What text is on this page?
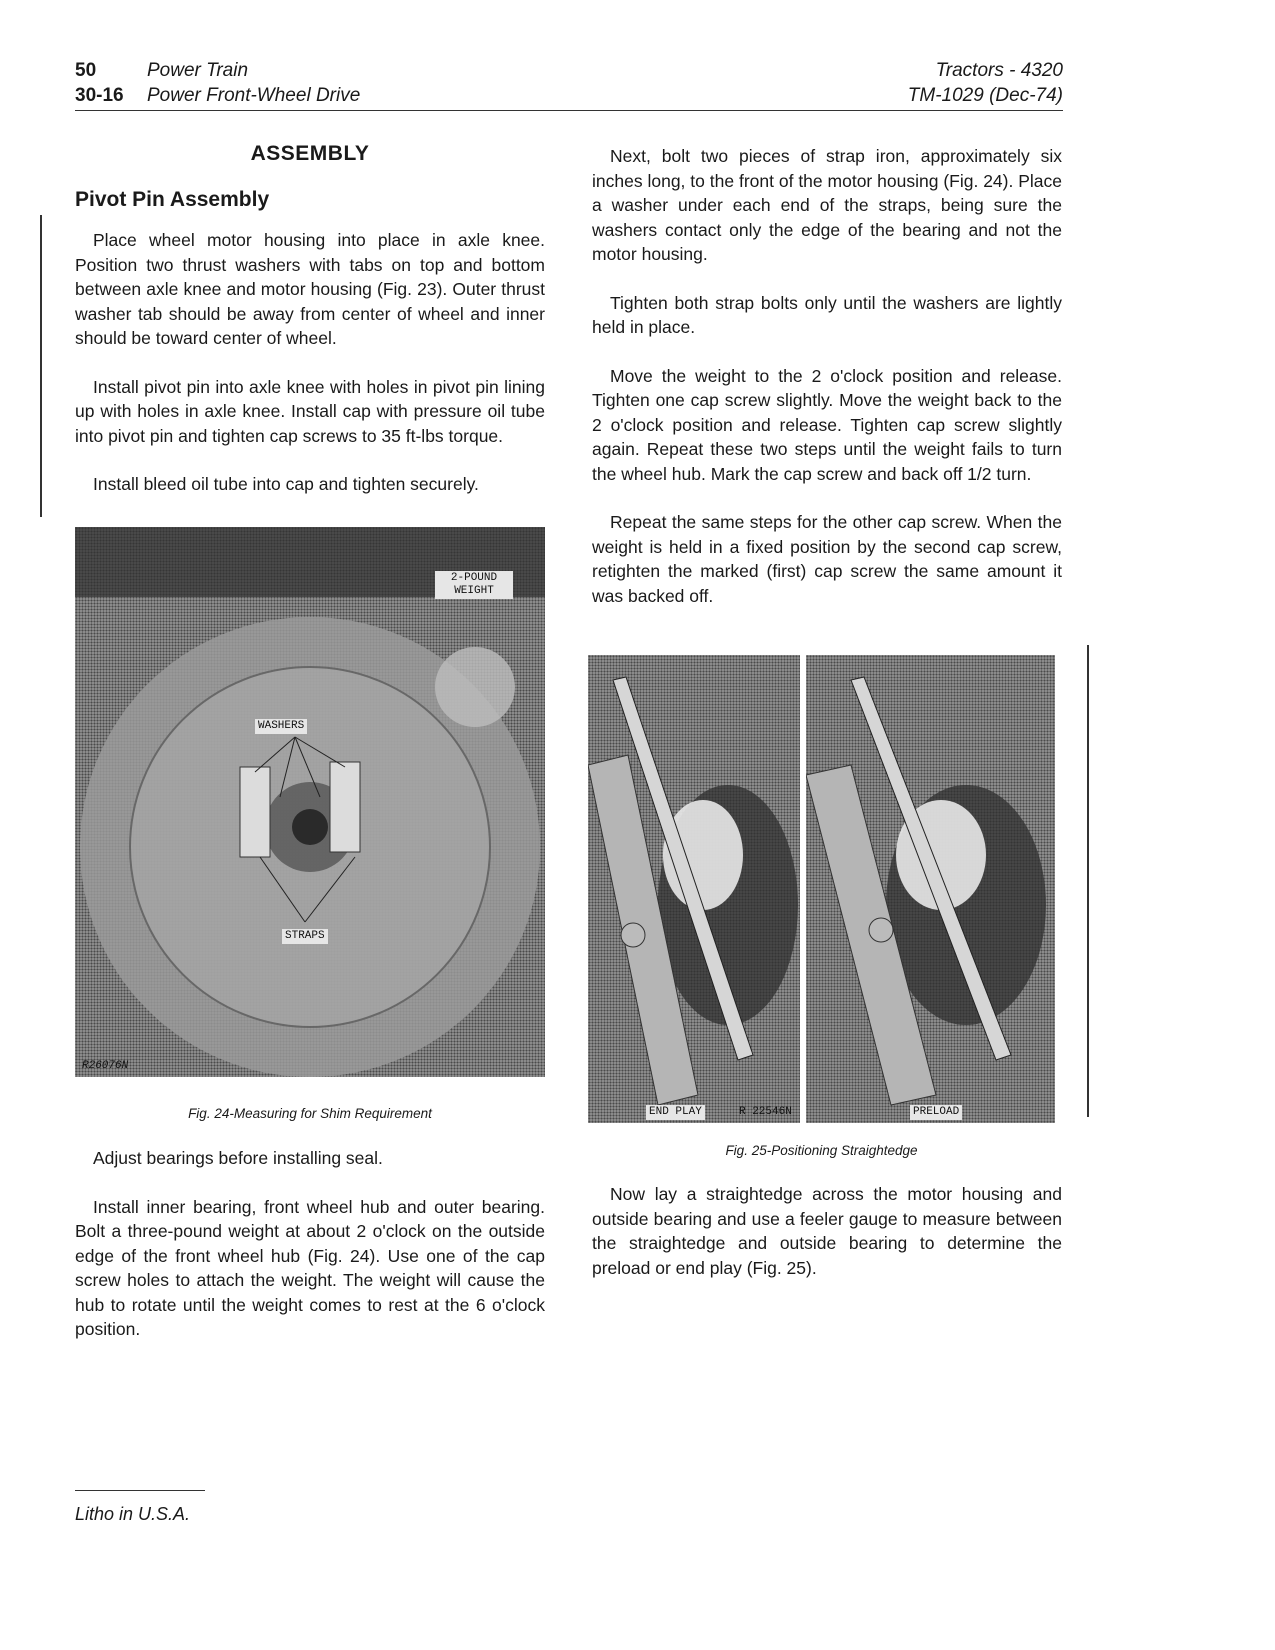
50	Power Train
30-16 Power Front-Wheel Drive
Tractors - 4320
TM-1029 (Dec-74)
ASSEMBLY
Pivot Pin Assembly

Place wheel motor housing into place in axle knee. Position two thrust washers with tabs on top and bottom between axle knee and motor housing (Fig. 23). Outer thrust washer tab should be away from center of wheel and inner should be toward center of wheel.

Install pivot pin into axle knee with holes in pivot pin lining up with holes in axle knee. Install cap with pressure oil tube into pivot pin and tighten cap screws to 35 ft-lbs torque.

Install bleed oil tube into cap and tighten securely.

2-POUND WEIGHT
WASHERS
STRAPS
R26076N
Fig. 24-Measuring for Shim Requirement

Adjust bearings before installing seal.

Install inner bearing, front wheel hub and outer bearing. Bolt a three-pound weight at about 2 o'clock on the outside edge of the front wheel hub (Fig. 24). Use one of the cap screw holes to attach the weight. The weight will cause the hub to rotate until the weight comes to rest at the 6 o'clock position.

Next, bolt two pieces of strap iron, approximately six inches long, to the front of the motor housing (Fig. 24). Place a washer under each end of the straps, being sure the washers contact only the edge of the bearing and not the motor housing.

Tighten both strap bolts only until the washers are lightly held in place.

Move the weight to the 2 o'clock position and release. Tighten one cap screw slightly. Move the weight back to the 2 o'clock position and release. Tighten cap screw slightly again. Repeat these two steps until the weight fails to turn the wheel hub. Mark the cap screw and back off 1/2 turn.

Repeat the same steps for the other cap screw. When the weight is held in a fixed position by the second cap screw, retighten the marked (first) cap screw the same amount it was backed off.

END PLAY	R 22546N	PRELOAD
Fig. 25-Positioning Straightedge

Now lay a straightedge across the motor housing and outside bearing and use a feeler gauge to measure between the straightedge and outside bearing to determine the preload or end play (Fig. 25).

Litho in U.S.A.
